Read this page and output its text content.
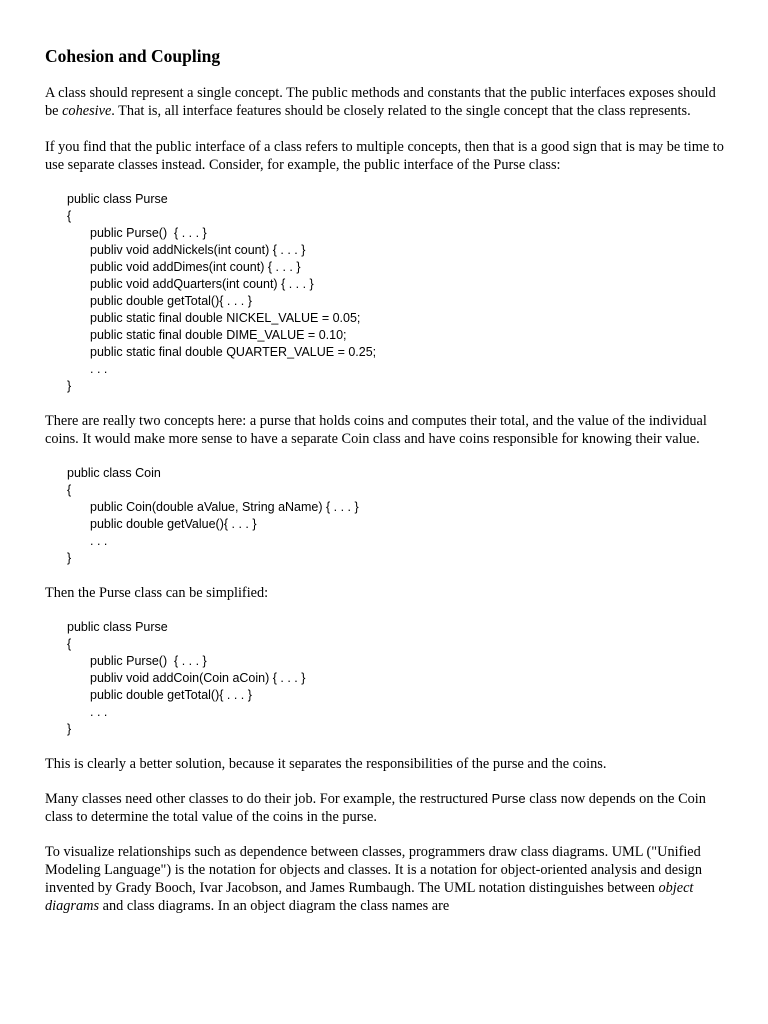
Cohesion and Coupling

A class should represent a single concept. The public methods and constants that the public interfaces exposes should be cohesive. That is, all interface features should be closely related to the single concept that the class represents.

If you find that the public interface of a class refers to multiple concepts, then that is a good sign that is may be time to use separate classes instead. Consider, for example, the public interface of the Purse class:

public class Purse
{
public Purse()  { . . . }
publiv void addNickels(int count) { . . . }
public void addDimes(int count) { . . . }
public void addQuarters(int count) { . . . }
public double getTotal(){ . . . }
public static final double NICKEL_VALUE = 0.05;
public static final double DIME_VALUE = 0.10;
public static final double QUARTER_VALUE = 0.25;
. . .
}

There are really two concepts here: a purse that holds coins and computes their total, and the value of the individual coins. It would make more sense to have a separate Coin class and have coins responsible for knowing their value.

public class Coin
{
public Coin(double aValue, String aName) { . . . }
public double getValue(){ . . . }
. . .
}

Then the Purse class can be simplified:

public class Purse
{
public Purse()  { . . . }
publiv void addCoin(Coin aCoin) { . . . }
public double getTotal(){ . . . }
. . .
}

This is clearly a better solution, because it separates the responsibilities of the purse and the coins.

Many classes need other classes to do their job. For example, the restructured Purse class now depends on the Coin class to determine the total value of the coins in the purse.

To visualize relationships such as dependence between classes, programmers draw class diagrams. UML ("Unified Modeling Language") is the notation for objects and classes. It is a notation for object-oriented analysis and design invented by Grady Booch, Ivar Jacobson, and James Rumbaugh. The UML notation distinguishes between object diagrams and class diagrams. In an object diagram the class names are
